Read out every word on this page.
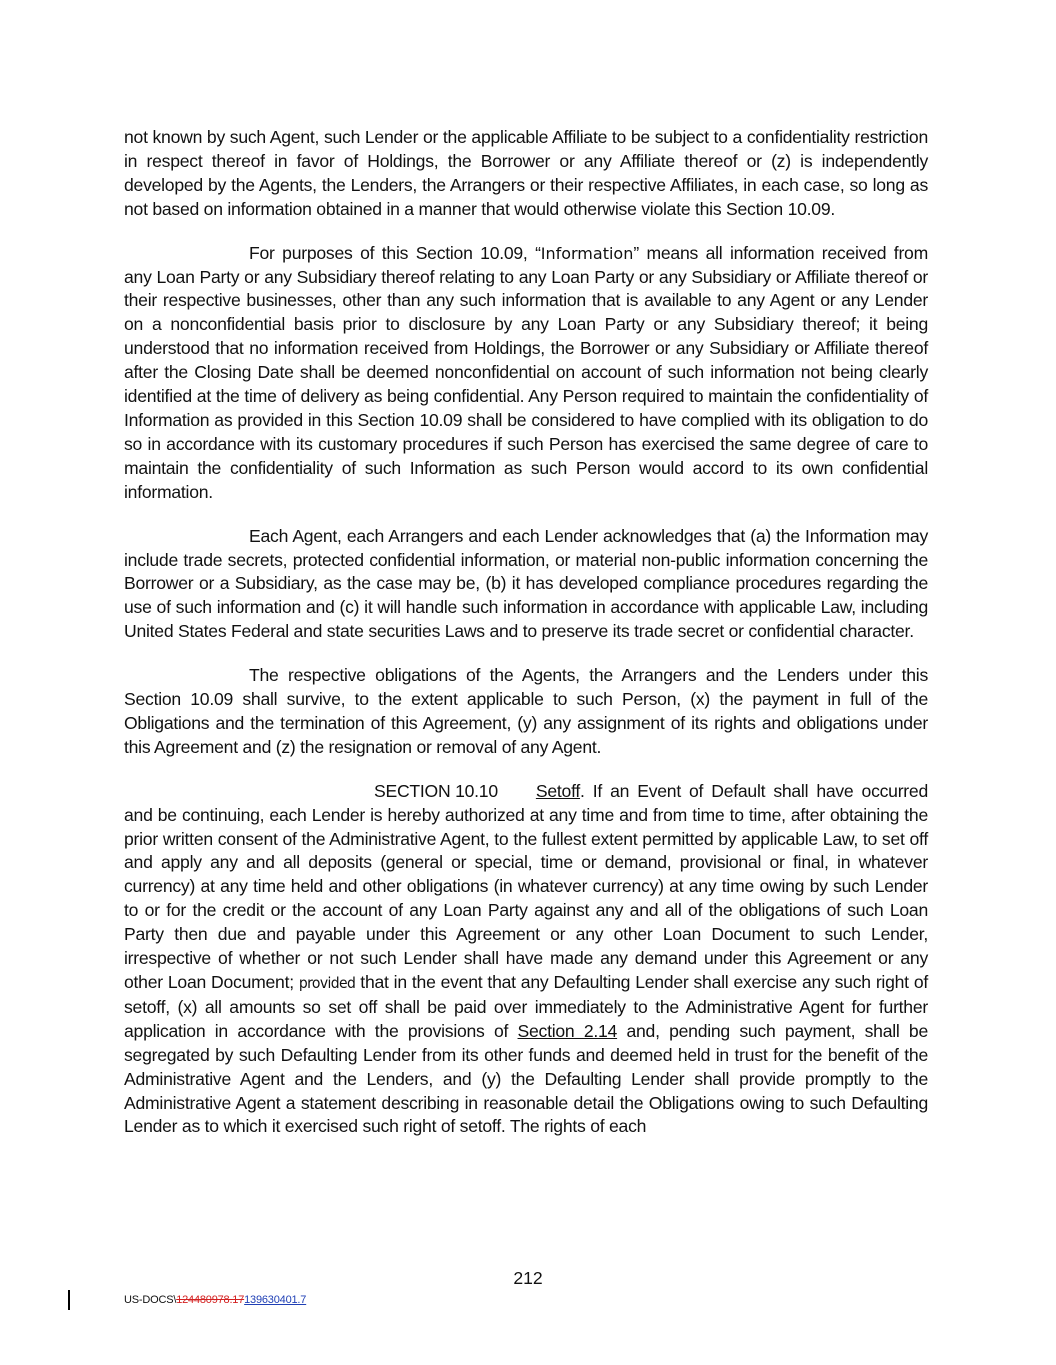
not known by such Agent, such Lender or the applicable Affiliate to be subject to a confidentiality restriction in respect thereof in favor of Holdings, the Borrower or any Affiliate thereof or (z) is independently developed by the Agents, the Lenders, the Arrangers or their respective Affiliates, in each case, so long as not based on information obtained in a manner that would otherwise violate this Section 10.09.

For purposes of this Section 10.09, “Information” means all information received from any Loan Party or any Subsidiary thereof relating to any Loan Party or any Subsidiary or Affiliate thereof or their respective businesses, other than any such information that is available to any Agent or any Lender on a nonconfidential basis prior to disclosure by any Loan Party or any Subsidiary thereof; it being understood that no information received from Holdings, the Borrower or any Subsidiary or Affiliate thereof after the Closing Date shall be deemed nonconfidential on account of such information not being clearly identified at the time of delivery as being confidential. Any Person required to maintain the confidentiality of Information as provided in this Section 10.09 shall be considered to have complied with its obligation to do so in accordance with its customary procedures if such Person has exercised the same degree of care to maintain the confidentiality of such Information as such Person would accord to its own confidential information.

Each Agent, each Arrangers and each Lender acknowledges that (a) the Information may include trade secrets, protected confidential information, or material non-public information concerning the Borrower or a Subsidiary, as the case may be, (b) it has developed compliance procedures regarding the use of such information and (c) it will handle such information in accordance with applicable Law, including United States Federal and state securities Laws and to preserve its trade secret or confidential character.

The respective obligations of the Agents, the Arrangers and the Lenders under this Section 10.09 shall survive, to the extent applicable to such Person, (x) the payment in full of the Obligations and the termination of this Agreement, (y) any assignment of its rights and obligations under this Agreement and (z) the resignation or removal of any Agent.

SECTION 10.10 Setoff. If an Event of Default shall have occurred and be continuing, each Lender is hereby authorized at any time and from time to time, after obtaining the prior written consent of the Administrative Agent, to the fullest extent permitted by applicable Law, to set off and apply any and all deposits (general or special, time or demand, provisional or final, in whatever currency) at any time held and other obligations (in whatever currency) at any time owing by such Lender to or for the credit or the account of any Loan Party against any and all of the obligations of such Loan Party then due and payable under this Agreement or any other Loan Document to such Lender, irrespective of whether or not such Lender shall have made any demand under this Agreement or any other Loan Document; provided that in the event that any Defaulting Lender shall exercise any such right of setoff, (x) all amounts so set off shall be paid over immediately to the Administrative Agent for further application in accordance with the provisions of Section 2.14 and, pending such payment, shall be segregated by such Defaulting Lender from its other funds and deemed held in trust for the benefit of the Administrative Agent and the Lenders, and (y) the Defaulting Lender shall provide promptly to the Administrative Agent a statement describing in reasonable detail the Obligations owing to such Defaulting Lender as to which it exercised such right of setoff. The rights of each

212
US-DOCS\124480978.17139630401.7
